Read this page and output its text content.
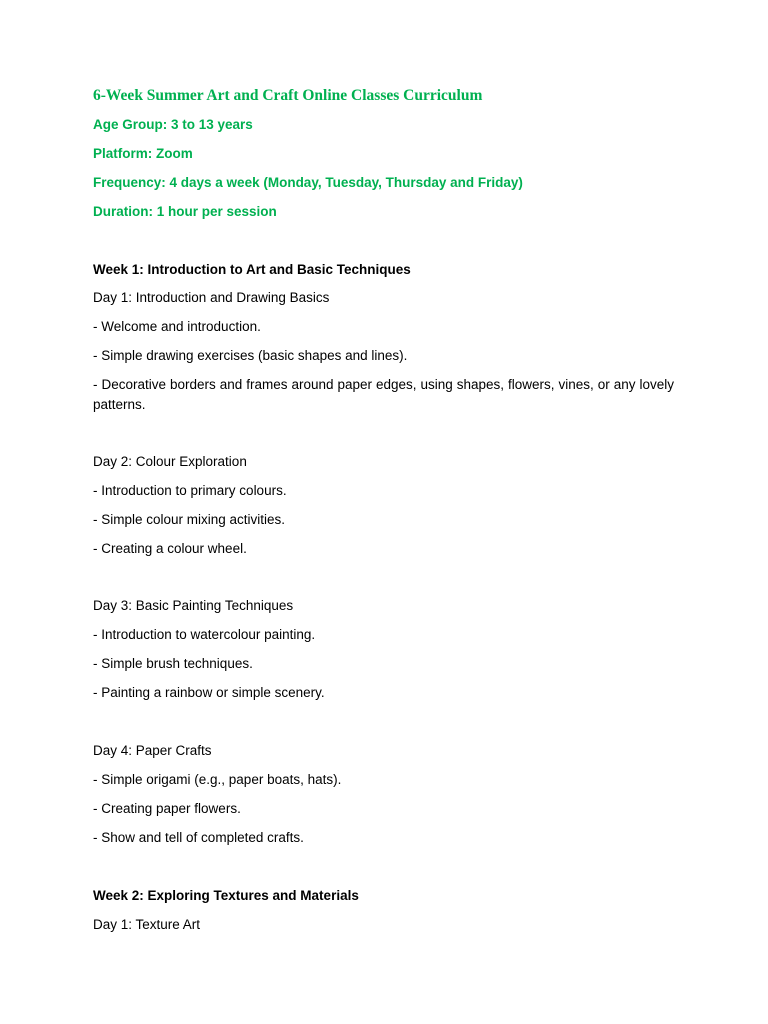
6-Week Summer Art and Craft Online Classes Curriculum

Age Group: 3 to 13 years

Platform: Zoom

Frequency: 4 days a week (Monday, Tuesday, Thursday and Friday)

Duration: 1 hour per session

Week 1: Introduction to Art and Basic Techniques

Day 1: Introduction and Drawing Basics

- Welcome and introduction.

- Simple drawing exercises (basic shapes and lines).

- Decorative borders and frames around paper edges, using shapes, flowers, vines, or any lovely patterns.

Day 2: Colour Exploration

- Introduction to primary colours.

- Simple colour mixing activities.

- Creating a colour wheel.

Day 3: Basic Painting Techniques

- Introduction to watercolour painting.

- Simple brush techniques.

- Painting a rainbow or simple scenery.

Day 4: Paper Crafts

- Simple origami (e.g., paper boats, hats).

- Creating paper flowers.

- Show and tell of completed crafts.

Week 2: Exploring Textures and Materials

Day 1: Texture Art
